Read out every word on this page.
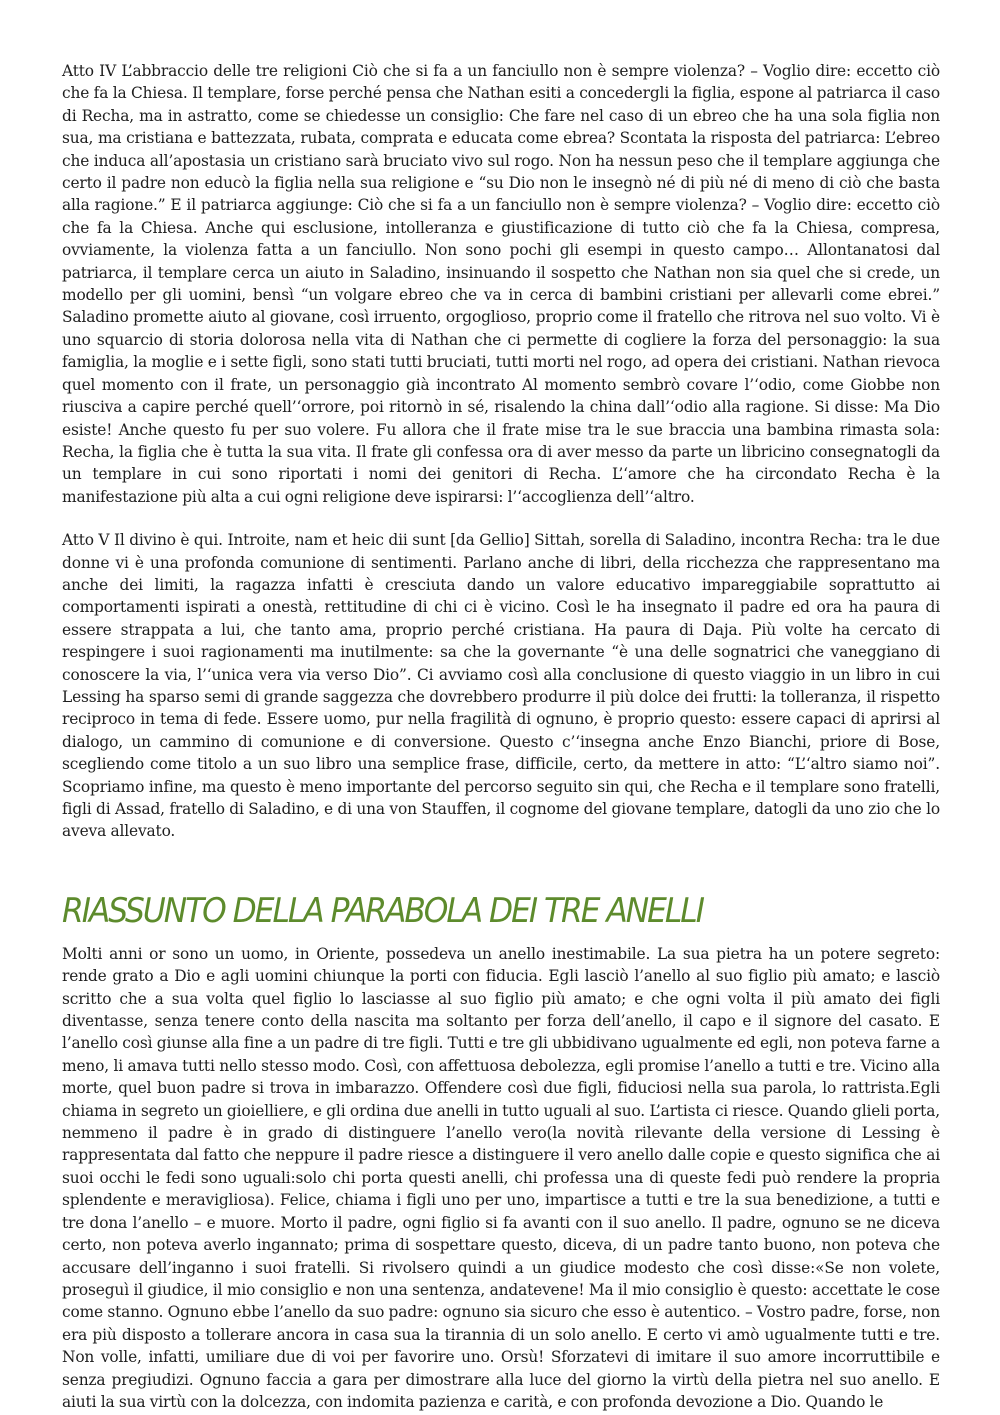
Atto IV L’abbraccio delle tre religioni Ciò che si fa a un fanciullo non è sempre violenza? – Voglio dire: eccetto ciò che fa la Chiesa. Il templare, forse perché pensa che Nathan esiti a concedergli la figlia, espone al patriarca il caso di Recha, ma in astratto, come se chiedesse un consiglio: Che fare nel caso di un ebreo che ha una sola figlia non sua, ma cristiana e battezzata, rubata, comprata e educata come ebrea? Scontata la risposta del patriarca: L’ebreo che induca all’apostasia un cristiano sarà bruciato vivo sul rogo. Non ha nessun peso che il templare aggiunga che certo il padre non educò la figlia nella sua religione e “su Dio non le insegnò né di più né di meno di ciò che basta alla ragione.” E il patriarca aggiunge: Ciò che si fa a un fanciullo non è sempre violenza? – Voglio dire: eccetto ciò che fa la Chiesa. Anche qui esclusione, intolleranza e giustificazione di tutto ciò che fa la Chiesa, compresa, ovviamente, la violenza fatta a un fanciullo. Non sono pochi gli esempi in questo campo… Allontanatosi dal patriarca, il templare cerca un aiuto in Saladino, insinuando il sospetto che Nathan non sia quel che si crede, un modello per gli uomini, bensì “un volgare ebreo che va in cerca di bambini cristiani per allevarli come ebrei.” Saladino promette aiuto al giovane, così irruento, orgoglioso, proprio come il fratello che ritrova nel suo volto. Vi è uno squarcio di storia dolorosa nella vita di Nathan che ci permette di cogliere la forza del personaggio: la sua famiglia, la moglie e i sette figli, sono stati tutti bruciati, tutti morti nel rogo, ad opera dei cristiani. Nathan rievoca quel momento con il frate, un personaggio già incontrato Al momento sembrò covare l’‘odio, come Giobbe non riusciva a capire perché quell’‘orrore, poi ritornò in sé, risalendo la china dall’‘odio alla ragione. Si disse: Ma Dio esiste! Anche questo fu per suo volere. Fu allora che il frate mise tra le sue braccia una bambina rimasta sola: Recha, la figlia che è tutta la sua vita. Il frate gli confessa ora di aver messo da parte un libricino consegnatogli da un templare in cui sono riportati i nomi dei genitori di Recha. L’‘amore che ha circondato Recha è la manifestazione più alta a cui ogni religione deve ispirarsi: l’‘accoglienza dell’‘altro.

Atto V Il divino è qui. Introite, nam et heic dii sunt [da Gellio] Sittah, sorella di Saladino, incontra Recha: tra le due donne vi è una profonda comunione di sentimenti. Parlano anche di libri, della ricchezza che rappresentano ma anche dei limiti, la ragazza infatti è cresciuta dando un valore educativo impareggiabile soprattutto ai comportamenti ispirati a onestà, rettitudine di chi ci è vicino. Così le ha insegnato il padre ed ora ha paura di essere strappata a lui, che tanto ama, proprio perché cristiana. Ha paura di Daja. Più volte ha cercato di respingere i suoi ragionamenti ma inutilmente: sa che la governante “è una delle sognatrici che vaneggiano di conoscere la via, l’‘unica vera via verso Dio”. Ci avviamo così alla conclusione di questo viaggio in un libro in cui Lessing ha sparso semi di grande saggezza che dovrebbero produrre il più dolce dei frutti: la tolleranza, il rispetto reciproco in tema di fede. Essere uomo, pur nella fragilità di ognuno, è proprio questo: essere capaci di aprirsi al dialogo, un cammino di comunione e di conversione. Questo c’‘insegna anche Enzo Bianchi, priore di Bose, scegliendo come titolo a un suo libro una semplice frase, difficile, certo, da mettere in atto: “L’‘altro siamo noi”. Scopriamo infine, ma questo è meno importante del percorso seguito sin qui, che Recha e il templare sono fratelli, figli di Assad, fratello di Saladino, e di una von Stauffen, il cognome del giovane templare, datogli da uno zio che lo aveva allevato.

RIASSUNTO DELLA PARABOLA DEI TRE ANELLI

Molti anni or sono un uomo, in Oriente, possedeva un anello inestimabile. La sua pietra ha un potere segreto: rende grato a Dio e agli uomini chiunque la porti con fiducia. Egli lasciò l’anello al suo figlio più amato; e lasciò scritto che a sua volta quel figlio lo lasciasse al suo figlio più amato; e che ogni volta il più amato dei figli diventasse, senza tenere conto della nascita ma soltanto per forza dell’anello, il capo e il signore del casato. E l’anello così giunse alla fine a un padre di tre figli. Tutti e tre gli ubbidivano ugualmente ed egli, non poteva farne a meno, li amava tutti nello stesso modo. Così, con affettuosa debolezza, egli promise l’anello a tutti e tre. Vicino alla morte, quel buon padre si trova in imbarazzo. Offendere così due figli, fiduciosi nella sua parola, lo rattrista.Egli chiama in segreto un gioielliere, e gli ordina due anelli in tutto uguali al suo. L’artista ci riesce. Quando glieli porta, nemmeno il padre è in grado di distinguere l’anello vero(la novità rilevante della versione di Lessing è rappresentata dal fatto che neppure il padre riesce a distinguere il vero anello dalle copie e questo significa che ai suoi occhi le fedi sono uguali:solo chi porta questi anelli, chi professa una di queste fedi può rendere la propria splendente e meravigliosa). Felice, chiama i figli uno per uno, impartisce a tutti e tre la sua benedizione, a tutti e tre dona l’anello – e muore. Morto il padre, ogni figlio si fa avanti con il suo anello. Il padre, ognuno se ne diceva certo, non poteva averlo ingannato; prima di sospettare questo, diceva, di un padre tanto buono, non poteva che accusare dell’inganno i suoi fratelli. Si rivolsero quindi a un giudice modesto che così disse:«Se non volete, proseguì il giudice, il mio consiglio e non una sentenza, andatevene! Ma il mio consiglio è questo: accettate le cose come stanno. Ognuno ebbe l’anello da suo padre: ognuno sia sicuro che esso è autentico. – Vostro padre, forse, non era più disposto a tollerare ancora in casa sua la tirannia di un solo anello. E certo vi amò ugualmente tutti e tre. Non volle, infatti, umiliare due di voi per favorire uno. Orsù! Sforzatevi di imitare il suo amore incorruttibile e senza pregiudizi. Ognuno faccia a gara per dimostrare alla luce del giorno la virtù della pietra nel suo anello. E aiuti la sua virtù con la dolcezza, con indomita pazienza e carità, e con profonda devozione a Dio. Quando le
